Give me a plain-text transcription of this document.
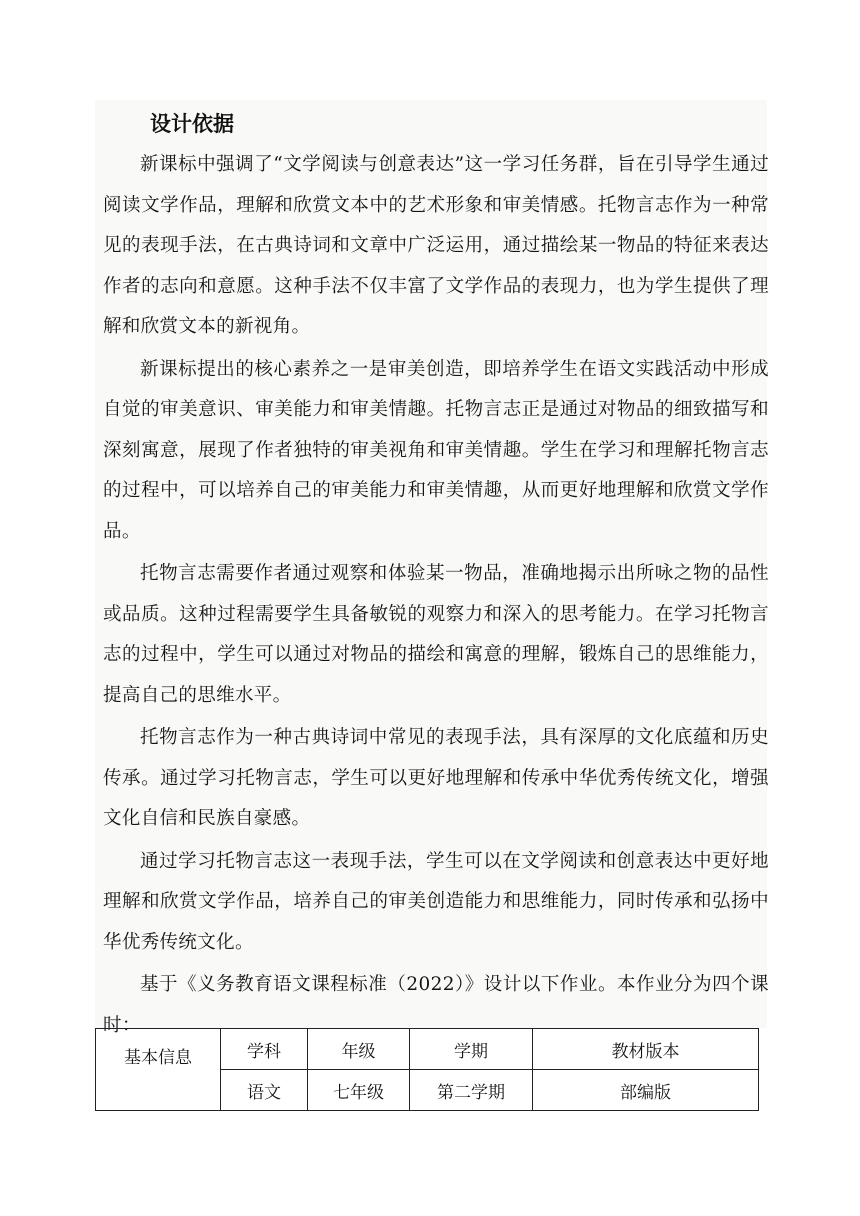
设计依据

新课标中强调了“文学阅读与创意表达”这一学习任务群，旨在引导学生通过阅读文学作品，理解和欣赏文本中的艺术形象和审美情感。托物言志作为一种常见的表现手法，在古典诗词和文章中广泛运用，通过描绘某一物品的特征来表达作者的志向和意愿。这种手法不仅丰富了文学作品的表现力，也为学生提供了理解和欣赏文本的新视角。

新课标提出的核心素养之一是审美创造，即培养学生在语文实践活动中形成自觉的审美意识、审美能力和审美情趣。托物言志正是通过对物品的细致描写和深刻寓意，展现了作者独特的审美视角和审美情趣。学生在学习和理解托物言志的过程中，可以培养自己的审美能力和审美情趣，从而更好地理解和欣赏文学作品。

托物言志需要作者通过观察和体验某一物品，准确地揭示出所咏之物的品性或品质。这种过程需要学生具备敏锐的观察力和深入的思考能力。在学习托物言志的过程中，学生可以通过对物品的描绘和寓意的理解，锻炼自己的思维能力，提高自己的思维水平。

托物言志作为一种古典诗词中常见的表现手法，具有深厚的文化底蕴和历史传承。通过学习托物言志，学生可以更好地理解和传承中华优秀传统文化，增强文化自信和民族自豪感。

通过学习托物言志这一表现手法，学生可以在文学阅读和创意表达中更好地理解和欣赏文学作品，培养自己的审美创造能力和思维能力，同时传承和弘扬中华优秀传统文化。

基于《义务教育语文课程标准（2022）》设计以下作业。本作业分为四个课时：

基本信息	学科	年级	学期	教材版本
	语文	七年级	第二学期	部编版
